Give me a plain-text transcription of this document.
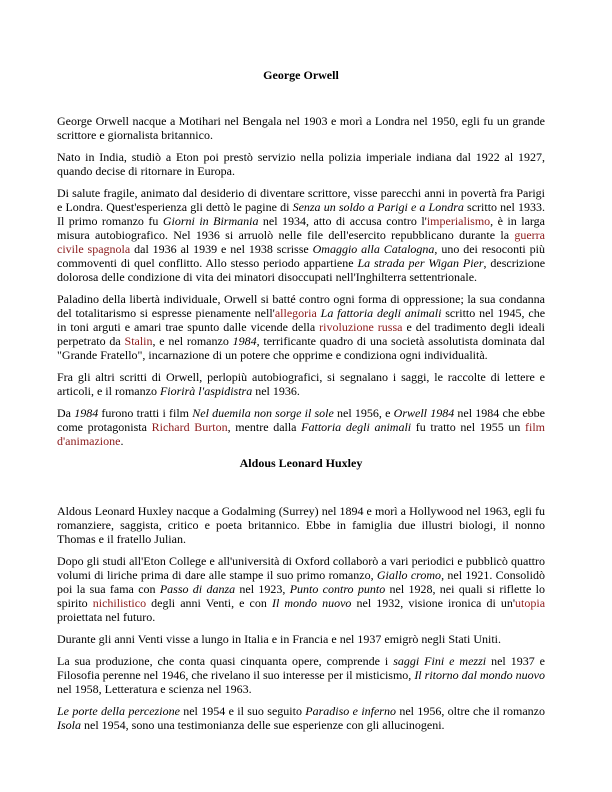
George Orwell

George Orwell nacque a Motihari nel Bengala nel 1903 e morì a Londra nel 1950, egli fu un grande scrittore e giornalista britannico.

Nato in India, studiò a Eton poi prestò servizio nella polizia imperiale indiana dal 1922 al 1927, quando decise di ritornare in Europa.

Di salute fragile, animato dal desiderio di diventare scrittore, visse parecchi anni in povertà fra Parigi e Londra. Quest'esperienza gli dettò le pagine di Senza un soldo a Parigi e a Londra scritto nel 1933. Il primo romanzo fu Giorni in Birmania nel 1934, atto di accusa contro l'imperialismo, è in larga misura autobiografico. Nel 1936 si arruolò nelle file dell'esercito repubblicano durante la guerra civile spagnola dal 1936 al 1939 e nel 1938 scrisse Omaggio alla Catalogna, uno dei resoconti più commoventi di quel conflitto. Allo stesso periodo appartiene La strada per Wigan Pier, descrizione dolorosa delle condizione di vita dei minatori disoccupati nell'Inghilterra settentrionale.

Paladino della libertà individuale, Orwell si batté contro ogni forma di oppressione; la sua condanna del totalitarismo si espresse pienamente nell'allegoria La fattoria degli animali scritto nel 1945, che in toni arguti e amari trae spunto dalle vicende della rivoluzione russa e del tradimento degli ideali perpetrato da Stalin, e nel romanzo 1984, terrificante quadro di una società assolutista dominata dal "Grande Fratello", incarnazione di un potere che opprime e condiziona ogni individualità.

Fra gli altri scritti di Orwell, perlopiù autobiografici, si segnalano i saggi, le raccolte di lettere e articoli, e il romanzo Fiorirà l'aspidistra nel 1936.

Da 1984 furono tratti i film Nel duemila non sorge il sole nel 1956, e Orwell 1984 nel 1984 che ebbe come protagonista Richard Burton, mentre dalla Fattoria degli animali fu tratto nel 1955 un film d'animazione.

Aldous Leonard Huxley

Aldous Leonard Huxley nacque a Godalming (Surrey) nel 1894 e morì a Hollywood nel 1963, egli fu romanziere, saggista, critico e poeta britannico. Ebbe in famiglia due illustri biologi, il nonno Thomas e il fratello Julian.

Dopo gli studi all'Eton College e all'università di Oxford collaborò a vari periodici e pubblicò quattro volumi di liriche prima di dare alle stampe il suo primo romanzo, Giallo cromo, nel 1921. Consolidò poi la sua fama con Passo di danza nel 1923, Punto contro punto nel 1928, nei quali si riflette lo spirito nichilistico degli anni Venti, e con Il mondo nuovo nel 1932, visione ironica di un'utopia proiettata nel futuro.

Durante gli anni Venti visse a lungo in Italia e in Francia e nel 1937 emigrò negli Stati Uniti.

La sua produzione, che conta quasi cinquanta opere, comprende i saggi Fini e mezzi nel 1937 e Filosofia perenne nel 1946, che rivelano il suo interesse per il misticismo, Il ritorno dal mondo nuovo nel 1958, Letteratura e scienza nel 1963.

Le porte della percezione nel 1954 e il suo seguito Paradiso e inferno nel 1956, oltre che il romanzo Isola nel 1954, sono una testimonianza delle sue esperienze con gli allucinogeni.
